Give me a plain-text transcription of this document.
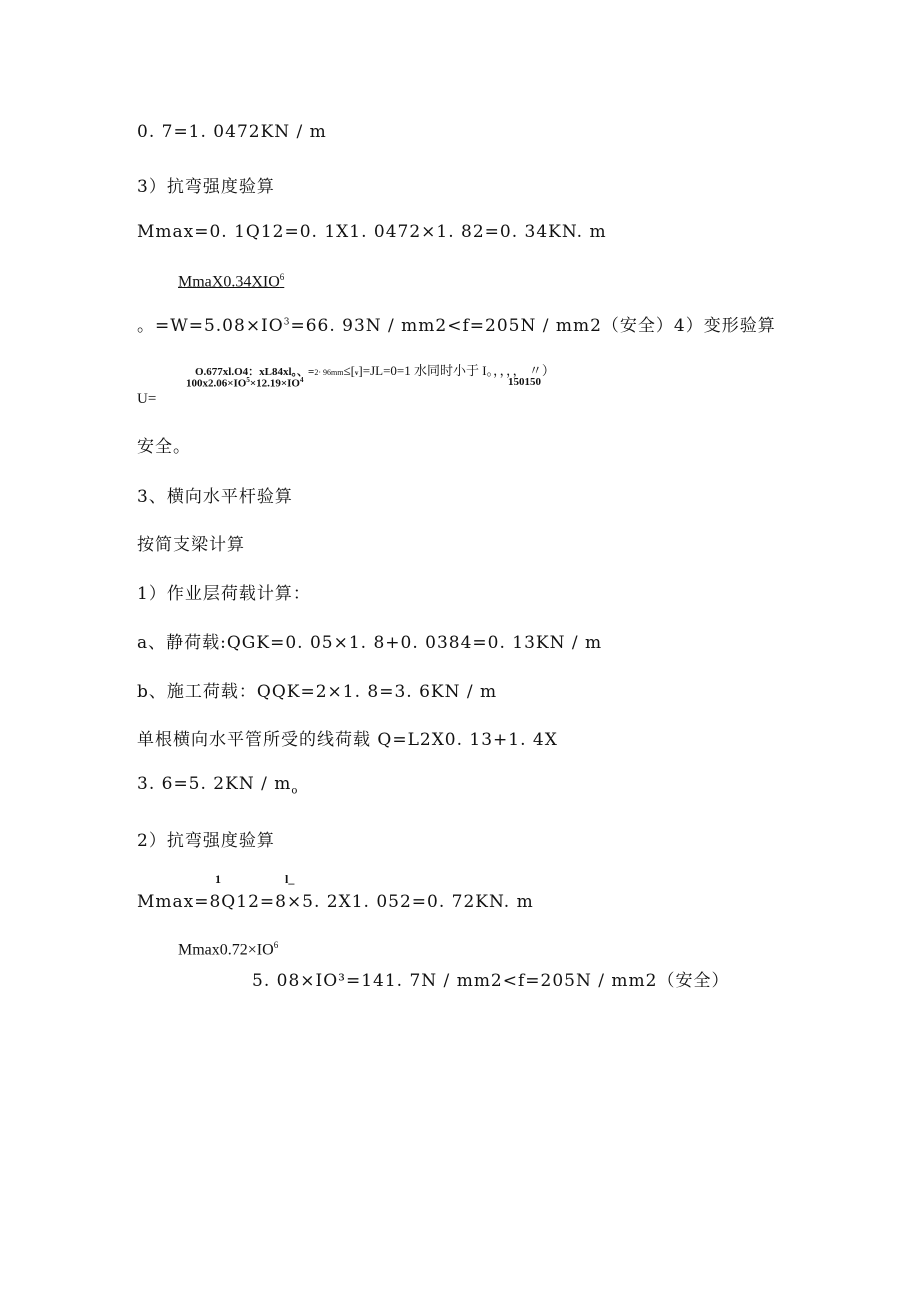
0. 7=1. 0472KN / m
3）抗弯强度验算
Mmax=0. 1Q12=0. 1X1. 0472×1. 82=0. 34KN. m
MmaX0.34XIO$^6$
。$=W=5.08\times IO^3=66$. 93N / mm2<f=205N / mm2（安全）4）变形验算
O.677xl.O4：xL84xl。、=2· 96mm≤[v]=JL=0=1 水同时小于 I。，，，， 〃）
$100x2.06\times IO^5\times 12.19\times IO^4$	150150
U=
安全。
3、横向水平杆验算
按简支梁计算
1）作业层荷载计算：
a、静荷载:QGK=0. 05×1. 8+0. 0384=0. 13KN / m
b、施工荷载：QQK=2×1. 8=3. 6KN / m
单根横向水平管所受的线荷载 Q=L2X0. 13+1. 4X
3. 6=5. $2KN / m_o$
2）抗弯强度验算
1	l_
Mmax=8Q12=8×5. 2X1. 052=0. 72KN. m
$Mmax0.72\times IO^6$
5. 08×IO³=141. 7N / mm2<f=205N / mm2（安全）
